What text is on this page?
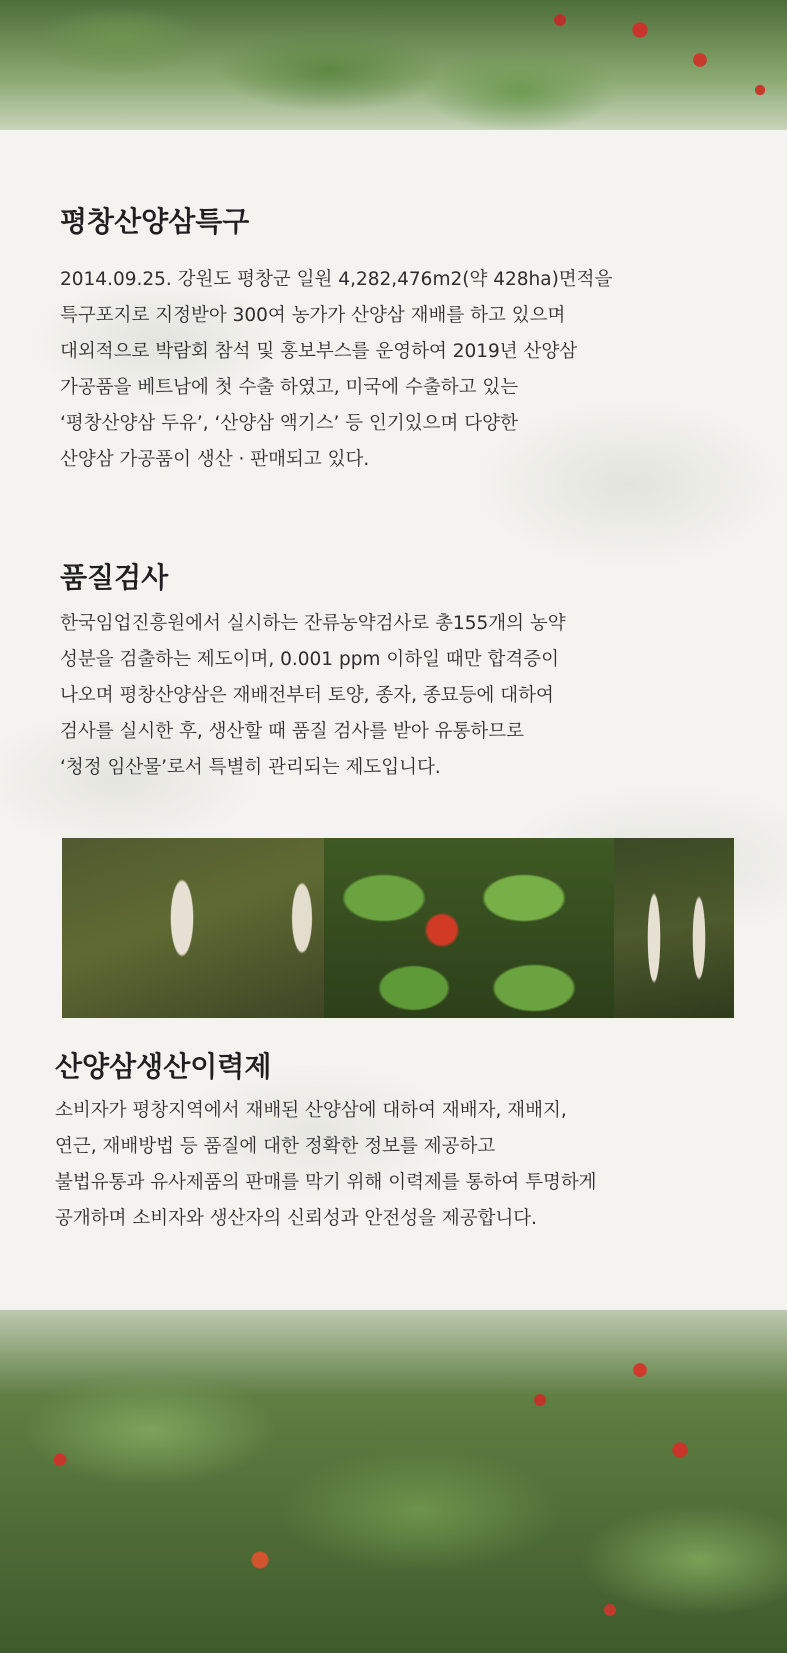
평창산양삼특구
2014.09.25. 강원도 평창군 일원 4,282,476m2(약 428ha)면적을
특구포지로 지정받아 300여 농가가 산양삼 재배를 하고 있으며
대외적으로 박람회 참석 및 홍보부스를 운영하여 2019년 산양삼
가공품을 베트남에 첫 수출 하였고, 미국에 수출하고 있는
‘평창산양삼 두유’, ‘산양삼 액기스’ 등 인기있으며 다양한
산양삼 가공품이 생산 · 판매되고 있다.
품질검사
한국임업진흥원에서 실시하는 잔류농약검사로 총155개의 농약
성분을 검출하는 제도이며, 0.001 ppm 이하일 때만 합격증이
나오며 평창산양삼은 재배전부터 토양, 종자, 종묘등에 대하여
검사를 실시한 후, 생산할 때 품질 검사를 받아 유통하므로
‘청정 임산물’로서 특별히 관리되는 제도입니다.
산양삼생산이력제
소비자가 평창지역에서 재배된 산양삼에 대하여 재배자, 재배지,
연근, 재배방법 등 품질에 대한 정확한 정보를 제공하고
불법유통과 유사제품의 판매를 막기 위해 이력제를 통하여 투명하게
공개하며 소비자와 생산자의 신뢰성과 안전성을 제공합니다.
